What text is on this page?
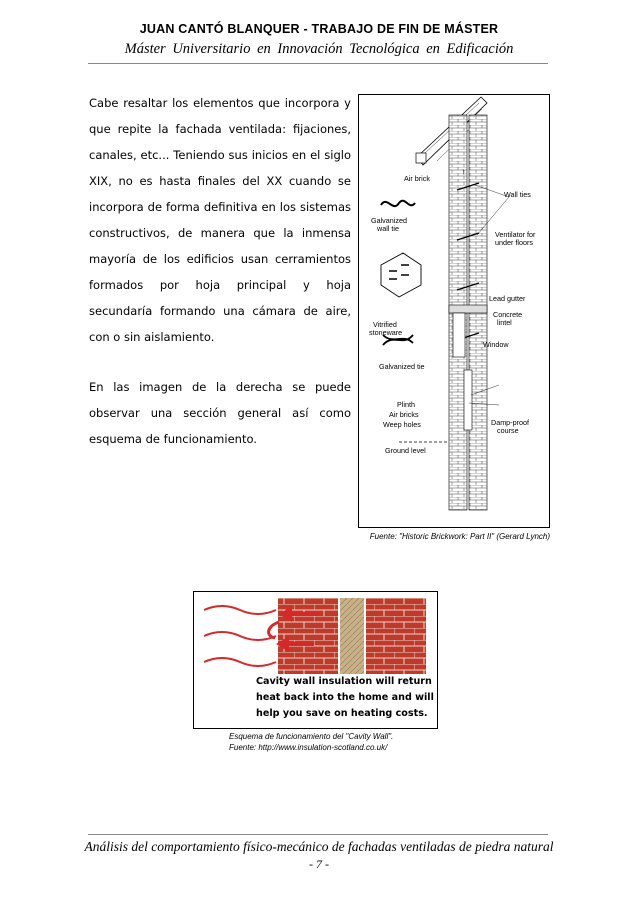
JUAN CANTÓ BLANQUER - TRABAJO DE FIN DE MÁSTER
Máster Universitario en Innovación Tecnológica en Edificación

Cabe resaltar los elementos que incorpora y que repite la fachada ventilada: fijaciones, canales, etc... Teniendo sus inicios en el siglo XIX, no es hasta finales del XX cuando se incorpora de forma definitiva en los sistemas constructivos, de manera que la inmensa mayoría de los edificios usan cerramientos formados por hoja principal y hoja secundaría formando una cámara de aire, con o sin aislamiento.

En las imagen de la derecha se puede observar una sección general así como esquema de funcionamiento.

Air brick
Wall ties
Galvanized
wall tie
Ventilator for
under floors
Lead gutter
Concrete
lintel
Vitrified
stoneware
Window
Galvanized tie
Plinth
Air bricks
Weep holes	Damp-proof
course
Ground level
Fuente: "Historic Brickwork: Part II" (Gerard Lynch)
Cavity wall insulation will return
heat back into the home and will
help you save on heating costs.
Esquema de funcionamiento del "Cavity Wall".
Fuente: http://www.insulation-scotland.co.uk/
Análisis del comportamiento físico-mecánico de fachadas ventiladas de piedra natural
- 7 -
